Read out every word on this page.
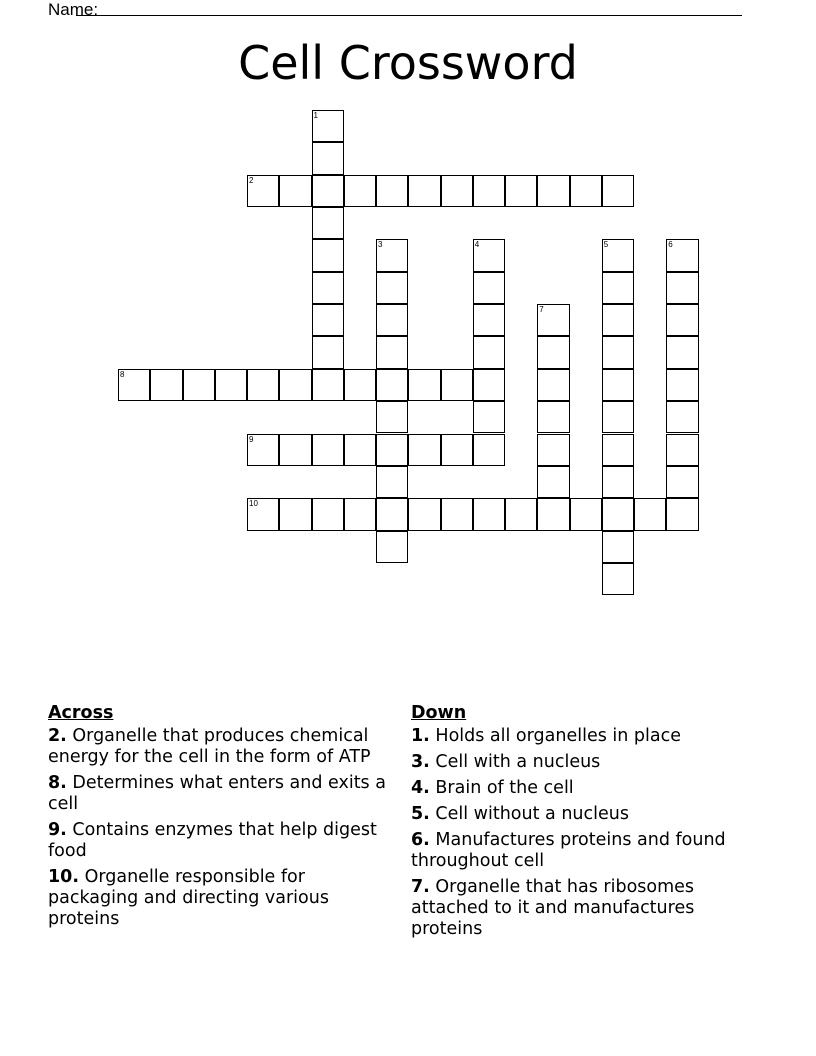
Name:
Cell Crossword
1
2
3	4	5	6
7
8
9
10
Across
2. Organelle that produces chemical energy for the cell in the form of ATP
8. Determines what enters and exits a cell
9. Contains enzymes that help digest food
10. Organelle responsible for packaging and directing various proteins
Down
1. Holds all organelles in place
3. Cell with a nucleus
4. Brain of the cell
5. Cell without a nucleus
6. Manufactures proteins and found throughout cell
7. Organelle that has ribosomes attached to it and manufactures proteins
